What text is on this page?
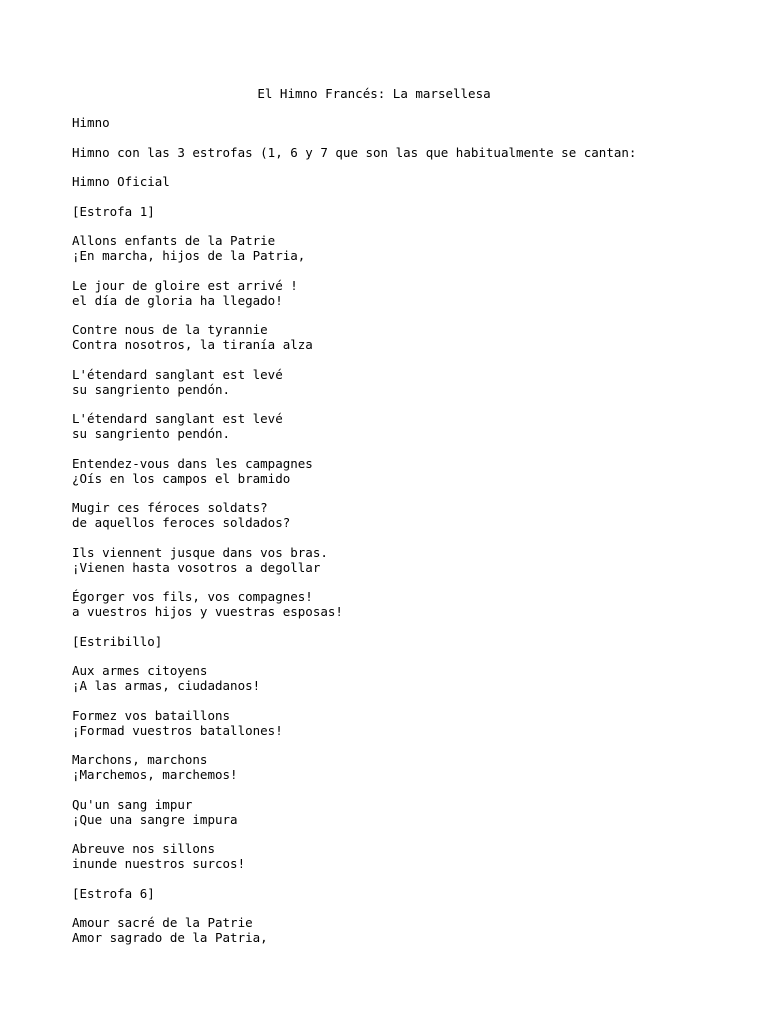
El Himno Francés: La marsellesa
Himno
Himno con las 3 estrofas (1, 6 y 7 que son las que habitualmente se cantan:
Himno Oficial
[Estrofa 1]
Allons enfants de la Patrie
¡En marcha, hijos de la Patria,
Le jour de gloire est arrivé !
el día de gloria ha llegado!
Contre nous de la tyrannie
Contra nosotros, la tiranía alza
L'étendard sanglant est levé
su sangriento pendón.
L'étendard sanglant est levé
su sangriento pendón.
Entendez-vous dans les campagnes
¿Oís en los campos el bramido
Mugir ces féroces soldats?
de aquellos feroces soldados?
Ils viennent jusque dans vos bras.
¡Vienen hasta vosotros a degollar
Égorger vos fils, vos compagnes!
a vuestros hijos y vuestras esposas!
[Estribillo]
Aux armes citoyens
¡A las armas, ciudadanos!
Formez vos bataillons
¡Formad vuestros batallones!
Marchons, marchons
¡Marchemos, marchemos!
Qu'un sang impur
¡Que una sangre impura
Abreuve nos sillons
inunde nuestros surcos!
[Estrofa 6]
Amour sacré de la Patrie
Amor sagrado de la Patria,
